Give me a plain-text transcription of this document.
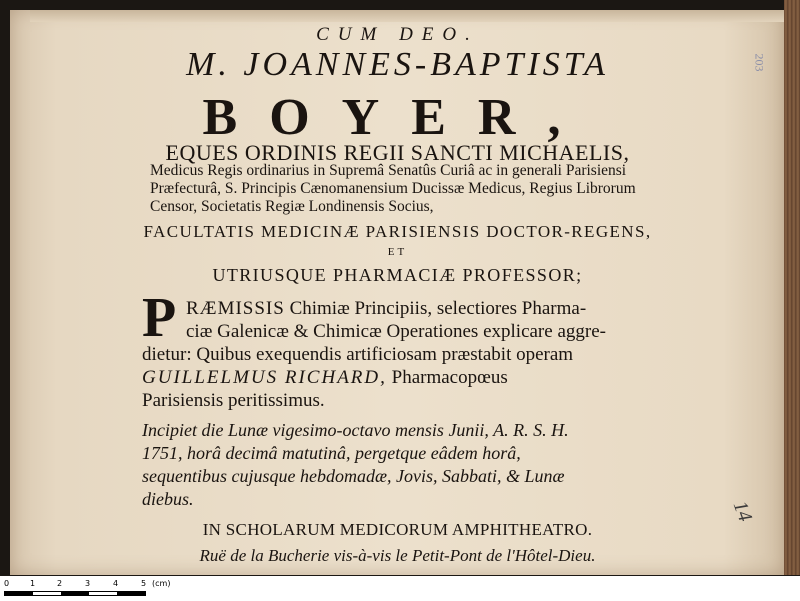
CUM DEO.
M. JOANNES-BAPTISTA
BOYER,
EQUES ORDINIS REGII SANCTI MICHAELIS,
Medicus Regis ordinarius in Supremâ Senatûs Curiâ ac in generali Parisiensi
Præfecturâ, S. Principis Cænomanensium Ducissæ Medicus, Regius Librorum
Censor, Societatis Regiæ Londinensis Socius,
FACULTATIS MEDICINÆ PARISIENSIS DOCTOR-REGENS,
ET
UTRIUSQUE PHARMACIÆ PROFESSOR;
P RÆMISSIS Chimiæ Principiis, selectiores Pharma-
ciæ Galenicæ & Chimicæ Operationes explicare aggre-
dietur: Quibus exequendis artificiosam præstabit operam
GUILLELMUS RICHARD, Pharmacopœus
Parisiensis peritissimus.
Incipiet die Lunæ vigesimo-octavo mensis Junii, A. R. S. H.
1751, horâ decimâ matutinâ, pergetque eâdem horâ,
sequentibus cujusque hebdomadæ, Jovis, Sabbati, & Lunæ
diebus.
IN SCHOLARUM MEDICORUM AMPHITHEATRO.
Ruë de la Bucherie vis-à-vis le Petit-Pont de l'Hôtel-Dieu.
203
14
0	1	2	3	4	5 (cm)
